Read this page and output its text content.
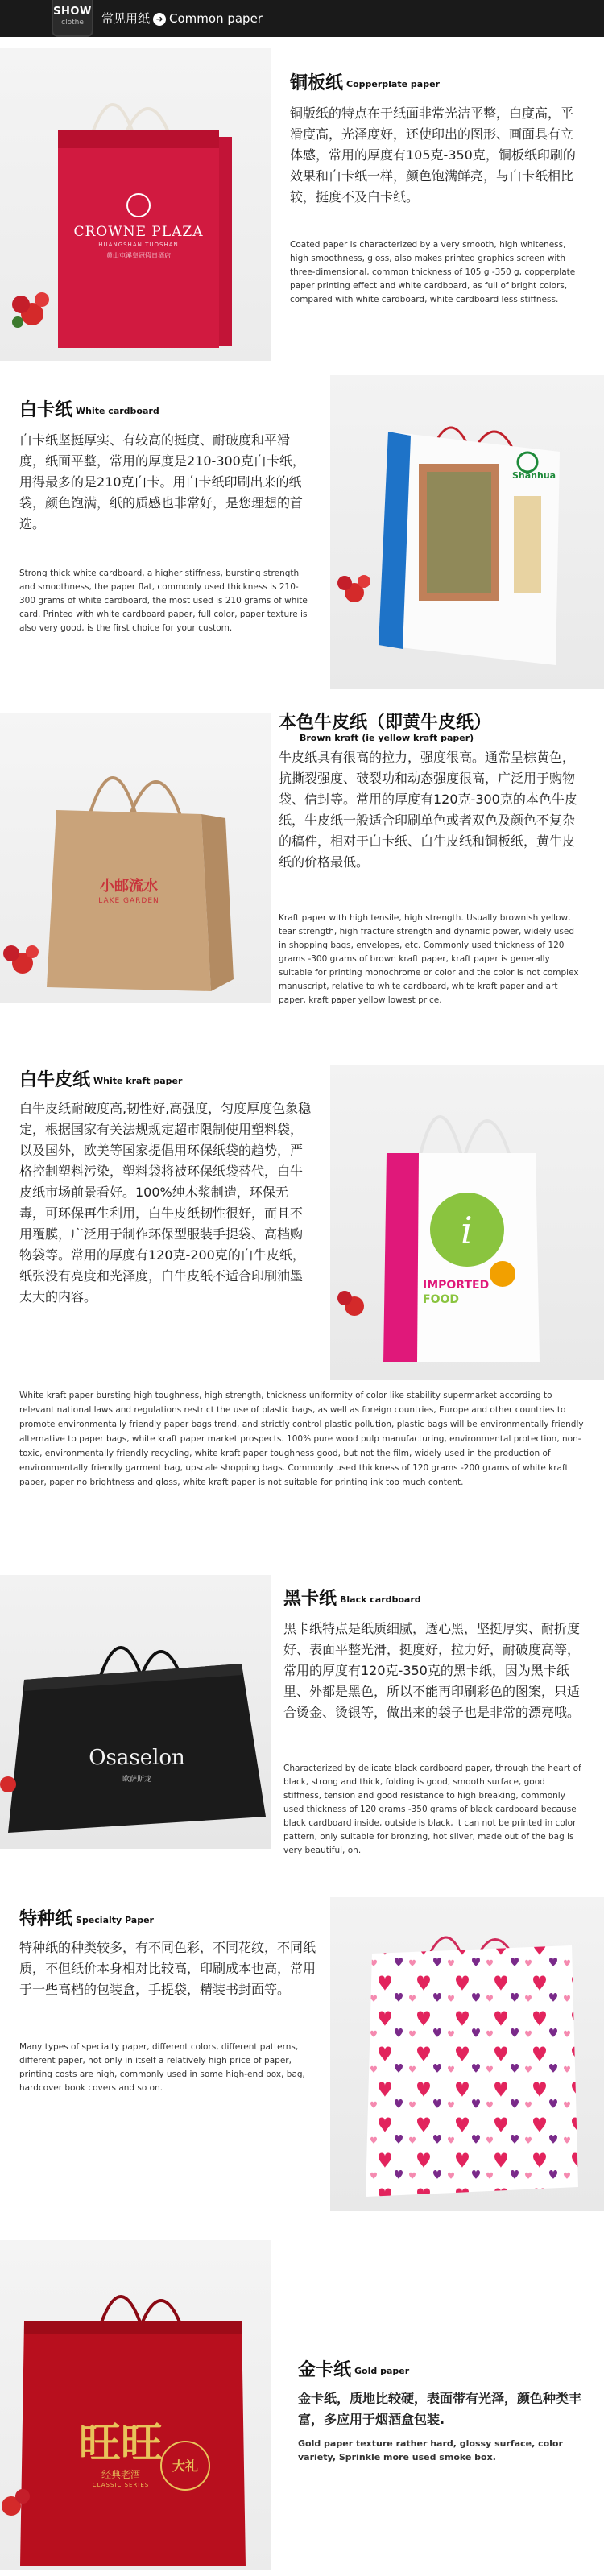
SHOW
clothe	常见用纸 ➜ Common paper
CROWNE PLAZA
HUANGSHAN TUOSHAN
黄山屯溪皇冠假日酒店
铜板纸 Copperplate paper

铜版纸的特点在于纸面非常光洁平整，白度高，平滑度高，光泽度好，还使印出的图形、画面具有立体感，常用的厚度有105克-350克，铜板纸印刷的效果和白卡纸一样，颜色饱满鲜亮，与白卡纸相比较，挺度不及白卡纸。

Coated paper is characterized by a very smooth, high whiteness, high smoothness, gloss, also makes printed graphics screen with three-dimensional, common thickness of 105 g -350 g, copperplate paper printing effect and white cardboard, as full of bright colors, compared with white cardboard, white cardboard less stiffness.

白卡纸 White cardboard

白卡纸坚挺厚实、有较高的挺度、耐破度和平滑度，纸面平整，常用的厚度是210-300克白卡纸，用得最多的是210克白卡。用白卡纸印刷出来的纸袋，颜色饱满，纸的质感也非常好，是您理想的首选。

Strong thick white cardboard, a higher stiffness, bursting strength and smoothness, the paper flat, commonly used thickness is 210-300 grams of white cardboard, the most used is 210 grams of white card. Printed with white cardboard paper, full color, paper texture is also very good, is the first choice for your custom.

Shanhua
小邮流水
LAKE GARDEN
本色牛皮纸（即黄牛皮纸）
Brown kraft (ie yellow kraft paper)

牛皮纸具有很高的拉力，强度很高。通常呈棕黄色，抗撕裂强度、破裂功和动态强度很高，广泛用于购物袋、信封等。常用的厚度有120克-300克的本色牛皮纸，牛皮纸一般适合印刷单色或者双色及颜色不复杂的稿件，相对于白卡纸、白牛皮纸和铜板纸，黄牛皮纸的价格最低。

Kraft paper with high tensile, high strength. Usually brownish yellow, tear strength, high fracture strength and dynamic power, widely used in shopping bags, envelopes, etc. Commonly used thickness of 120 grams -300 grams of brown kraft paper, kraft paper is generally suitable for printing monochrome or color and the color is not complex manuscript, relative to white cardboard, white kraft paper and art paper, kraft paper yellow lowest price.

白牛皮纸 White kraft paper

白牛皮纸耐破度高,韧性好,高强度，匀度厚度色象稳定，根据国家有关法规规定超市限制使用塑料袋，以及国外，欧美等国家提倡用环保纸袋的趋势，严格控制塑料污染，塑料袋将被环保纸袋替代，白牛皮纸市场前景看好。100%纯木浆制造，环保无毒，可环保再生利用，白牛皮纸韧性很好，而且不用覆膜，广泛用于制作环保型服装手提袋、高档购物袋等。常用的厚度有120克-200克的白牛皮纸，纸张没有亮度和光泽度，白牛皮纸不适合印刷油墨太大的内容。

i
IMPORTED
FOOD

White kraft paper bursting high toughness, high strength, thickness uniformity of color like stability supermarket according to relevant national laws and regulations restrict the use of plastic bags, as well as foreign countries, Europe and other countries to promote environmentally friendly paper bags trend, and strictly control plastic pollution, plastic bags will be environmentally friendly alternative to paper bags, white kraft paper market prospects. 100% pure wood pulp manufacturing, environmental protection, non-toxic, environmentally friendly recycling, white kraft paper toughness good, but not the film, widely used in the production of environmentally friendly garment bag, upscale shopping bags. Commonly used thickness of 120 grams -200 grams of white kraft paper, paper no brightness and gloss, white kraft paper is not suitable for printing ink too much content.

Osaselon
欧萨斯龙
黑卡纸 Black cardboard

黑卡纸特点是纸质细腻，透心黑，坚挺厚实、耐折度好、表面平整光滑，挺度好，拉力好，耐破度高等，常用的厚度有120克-350克的黑卡纸，因为黑卡纸里、外都是黑色，所以不能再印刷彩色的图案，只适合烫金、烫银等，做出来的袋子也是非常的漂亮哦。

Characterized by delicate black cardboard paper, through the heart of black, strong and thick, folding is good, smooth surface, good stiffness, tension and good resistance to high breaking, commonly used thickness of 120 grams -350 grams of black cardboard because black cardboard inside, outside is black, it can not be printed in color pattern, only suitable for bronzing, hot silver, made out of the bag is very beautiful, oh.

特种纸 Specialty Paper

特种纸的种类较多，有不同色彩，不同花纹，不同纸质，不但纸价本身相对比较高，印刷成本也高，常用于一些高档的包装盒，手提袋，精装书封面等。

Many types of specialty paper, different colors, different patterns, different paper, not only in itself a relatively high price of paper, printing costs are high, commonly used in some high-end box, bag, hardcover book covers and so on.

旺旺
经典老酒
CLASSIC SERIES
大礼
金卡纸 Gold paper

金卡纸，质地比较硬，表面带有光泽，颜色种类丰富，多应用于烟酒盒包装.

Gold paper texture rather hard, glossy surface, color variety, Sprinkle more used smoke box.
